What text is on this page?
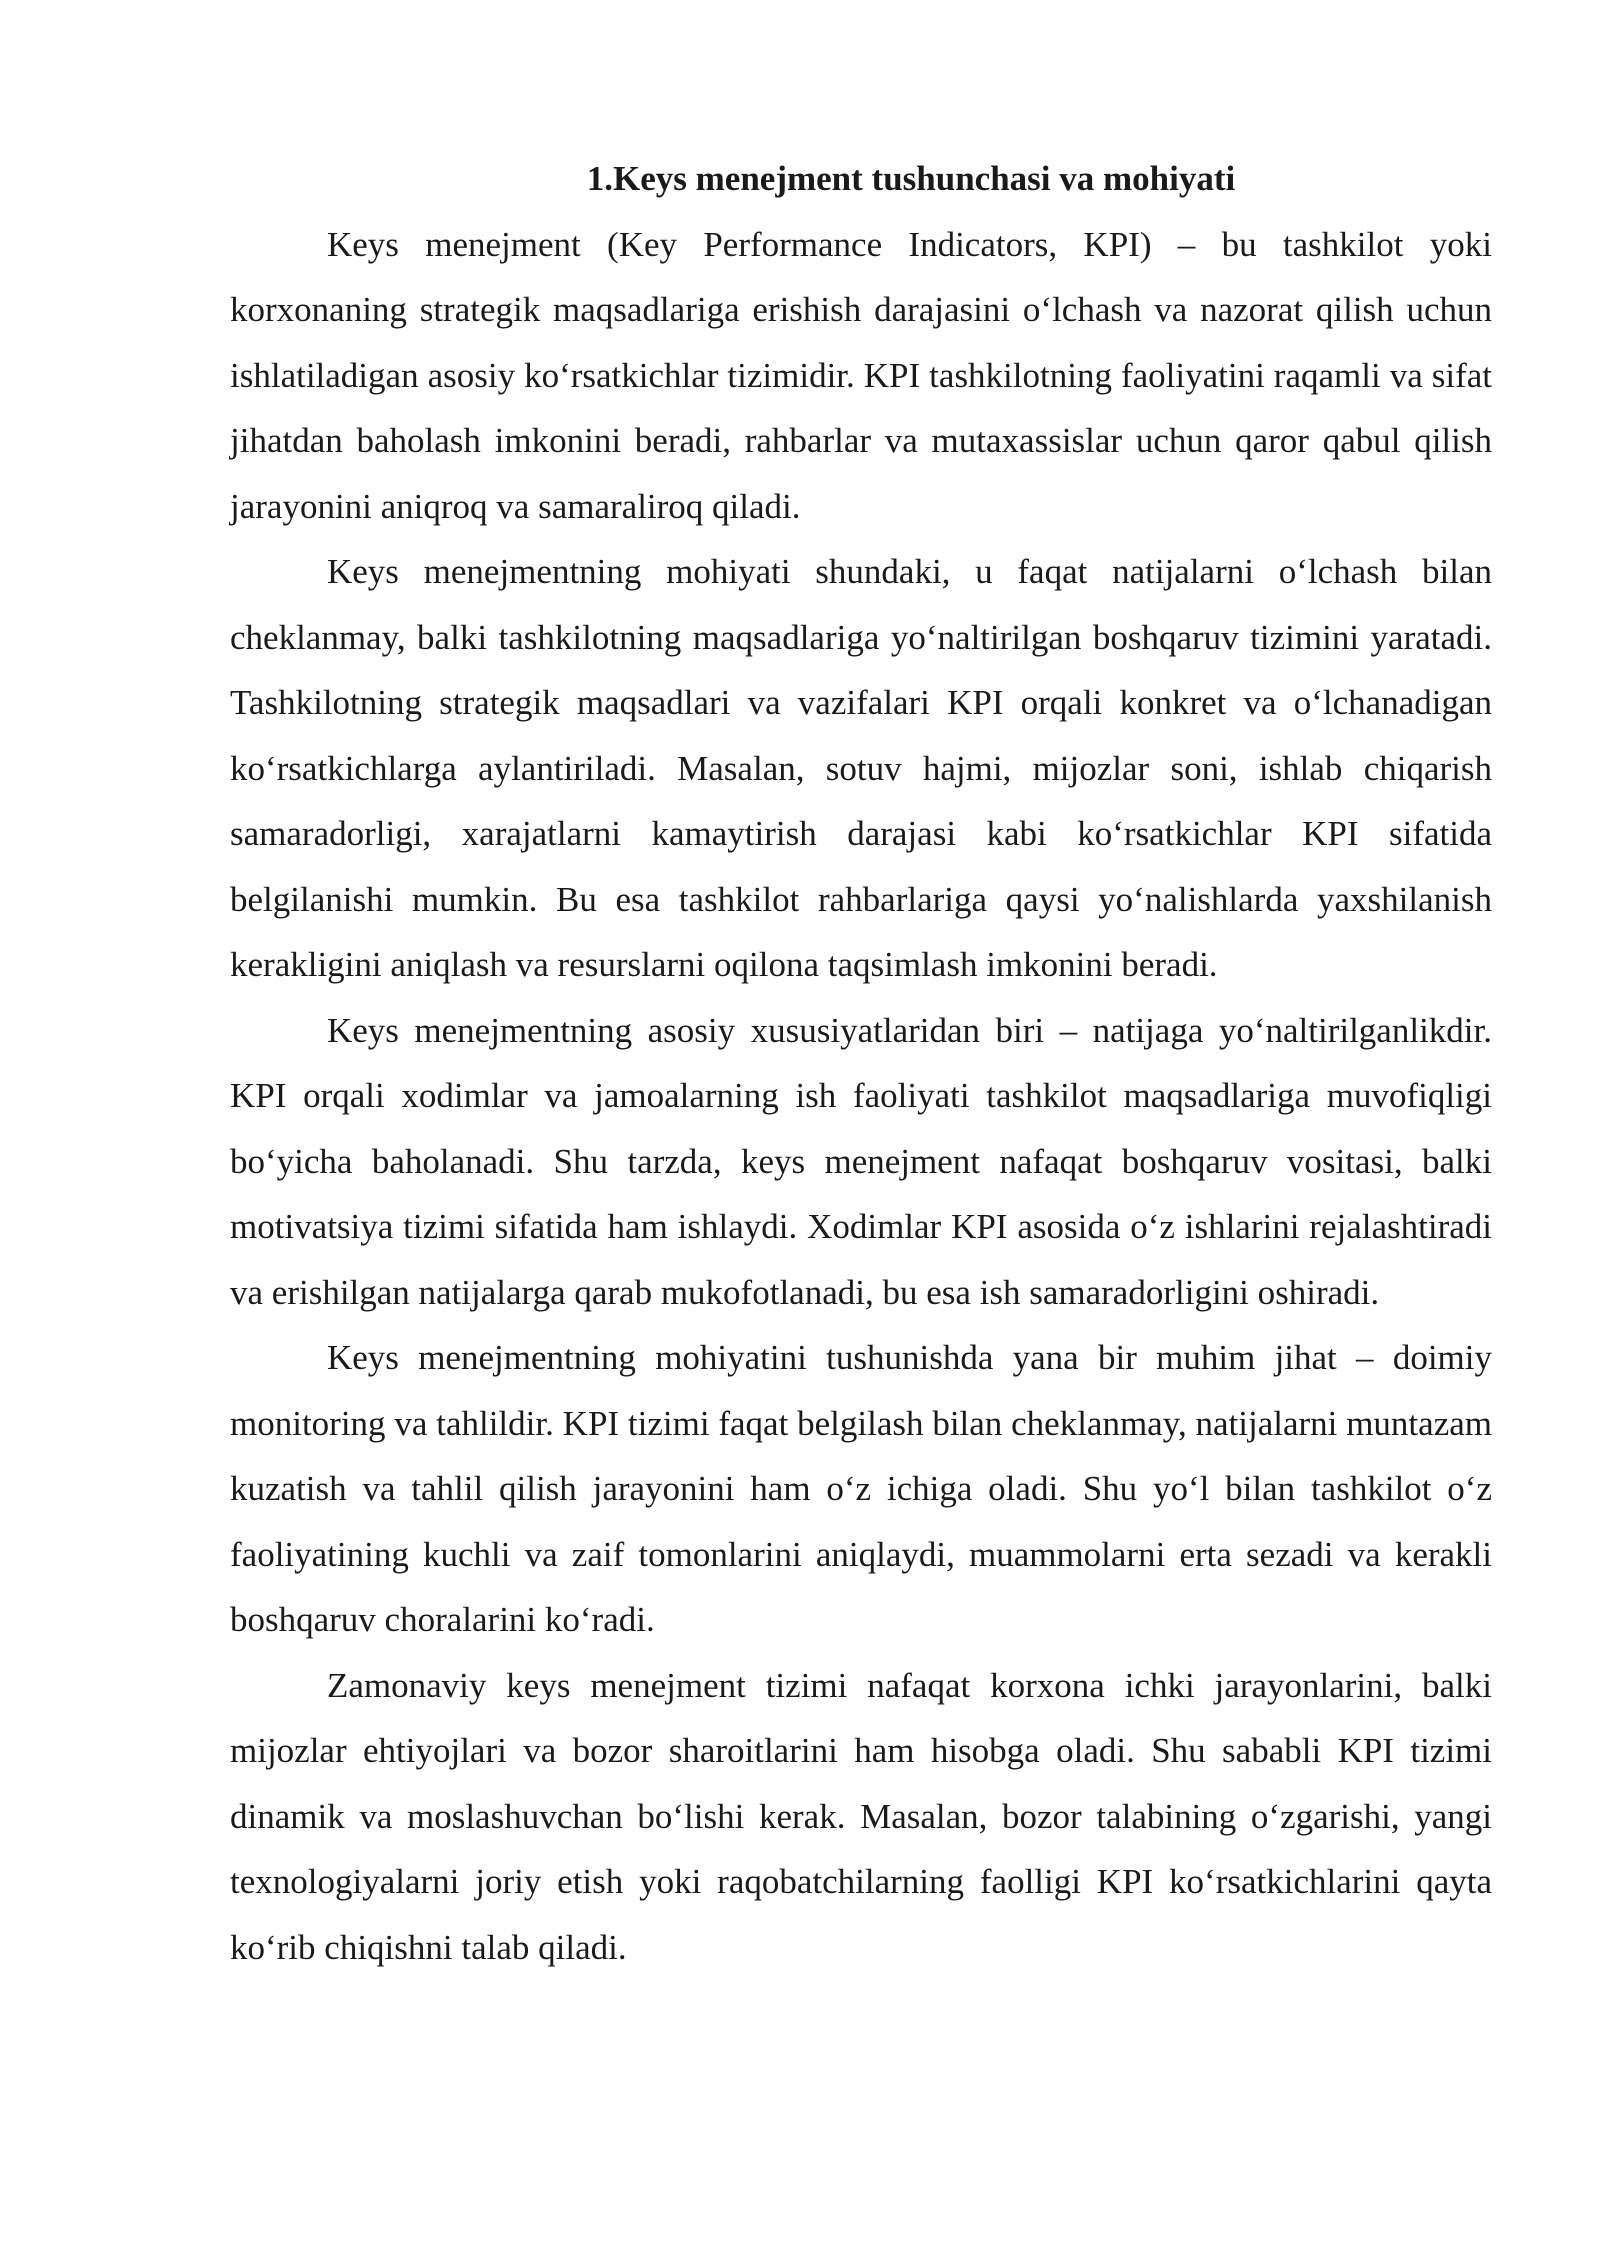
1.Keys menejment tushunchasi va mohiyati

Keys menejment (Key Performance Indicators, KPI) – bu tashkilot yoki korxonaning strategik maqsadlariga erishish darajasini o‘lchash va nazorat qilish uchun ishlatiladigan asosiy ko‘rsatkichlar tizimidir. KPI tashkilotning faoliyatini raqamli va sifat jihatdan baholash imkonini beradi, rahbarlar va mutaxassislar uchun qaror qabul qilish jarayonini aniqroq va samaraliroq qiladi.

Keys menejmentning mohiyati shundaki, u faqat natijalarni o‘lchash bilan cheklanmay, balki tashkilotning maqsadlariga yo‘naltirilgan boshqaruv tizimini yaratadi. Tashkilotning strategik maqsadlari va vazifalari KPI orqali konkret va o‘lchanadigan ko‘rsatkichlarga aylantiriladi. Masalan, sotuv hajmi, mijozlar soni, ishlab chiqarish samaradorligi, xarajatlarni kamaytirish darajasi kabi ko‘rsatkichlar KPI sifatida belgilanishi mumkin. Bu esa tashkilot rahbarlariga qaysi yo‘nalishlarda yaxshilanish kerakligini aniqlash va resurslarni oqilona taqsimlash imkonini beradi.

Keys menejmentning asosiy xususiyatlaridan biri – natijaga yo‘naltirilganlikdir. KPI orqali xodimlar va jamoalarning ish faoliyati tashkilot maqsadlariga muvofiqligi bo‘yicha baholanadi. Shu tarzda, keys menejment nafaqat boshqaruv vositasi, balki motivatsiya tizimi sifatida ham ishlaydi. Xodimlar KPI asosida o‘z ishlarini rejalashtiradi va erishilgan natijalarga qarab mukofotlanadi, bu esa ish samaradorligini oshiradi.

Keys menejmentning mohiyatini tushunishda yana bir muhim jihat – doimiy monitoring va tahlildir. KPI tizimi faqat belgilash bilan cheklanmay, natijalarni muntazam kuzatish va tahlil qilish jarayonini ham o‘z ichiga oladi. Shu yo‘l bilan tashkilot o‘z faoliyatining kuchli va zaif tomonlarini aniqlaydi, muammolarni erta sezadi va kerakli boshqaruv choralarini ko‘radi.

Zamonaviy keys menejment tizimi nafaqat korxona ichki jarayonlarini, balki mijozlar ehtiyojlari va bozor sharoitlarini ham hisobga oladi. Shu sababli KPI tizimi dinamik va moslashuvchan bo‘lishi kerak. Masalan, bozor talabining o‘zgarishi, yangi texnologiyalarni joriy etish yoki raqobatchilarning faolligi KPI ko‘rsatkichlarini qayta ko‘rib chiqishni talab qiladi.
